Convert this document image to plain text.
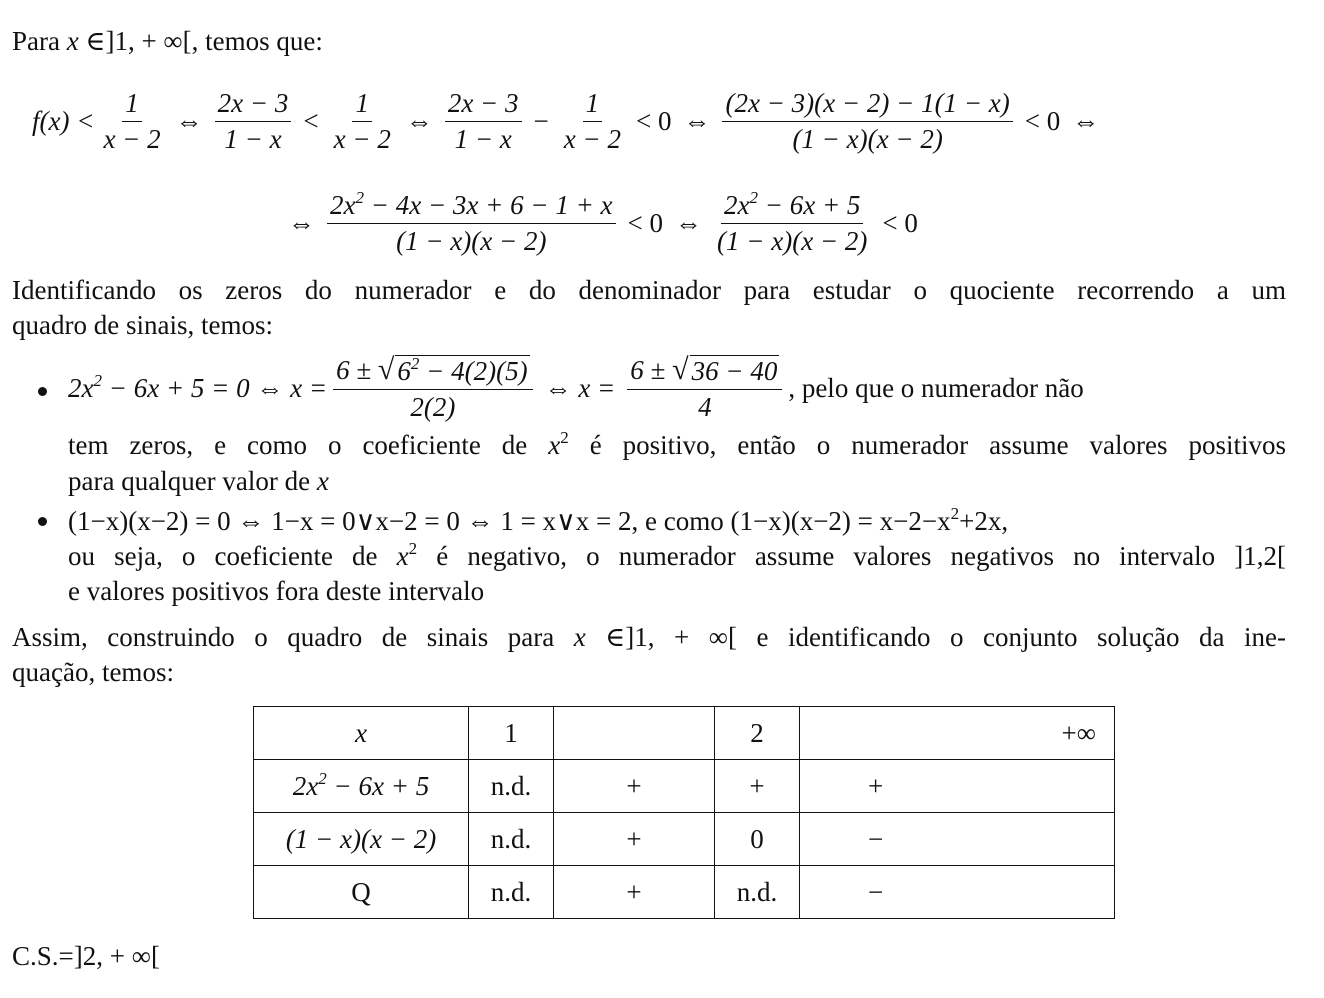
Para x ∈]1, + ∞[, temos que:
$f(x) < \frac{1}{x - 2}$ ⇔ $\frac{2x - 3}{1 - x} < \frac{1}{x - 2}$ ⇔ $\frac{2x - 3}{1 - x} - \frac{1}{x - 2} < 0$ ⇔ $\frac{(2x - 3)(x - 2) - 1(1 - x)}{(1 - x)(x - 2)} < 0$ ⇔
⇔ $\frac{2x^2 - 4x - 3x + 6 - 1 + x}{(1 - x)(x - 2)} < 0$ ⇔ $\frac{2x^2 - 6x + 5}{(1 - x)(x - 2)} < 0$
Identificando os zeros do numerador e do denominador para estudar o quociente recorrendo a um
quadro de sinais, temos:
$2x^2 - 6x + 5 = 0$ ⇔ $x = \frac{6 \pm √ 6^2 - 4(2)(5)}{2(2)}$ ⇔ $x = \frac{6 \pm √ 36 - 40}{4}$ , pelo que o numerador não
tem zeros, e como o coeficiente de $x^2$ é positivo, então o numerador assume valores positivos
para qualquer valor de x
(1−x)(x−2) = 0 ⇔ 1−x = 0∨x−2 = 0 ⇔ 1 = x∨x = 2, e como $(1-x)(x-2) = x-2-x^2+2x$,
ou seja, o coeficiente de $x^2$ é negativo, o numerador assume valores negativos no intervalo ]1,2[
e valores positivos fora deste intervalo
Assim, construindo o quadro de sinais para x ∈]1, + ∞[ e identificando o conjunto solução da ine-
quação, temos:
x	1		2	+∞
$2x^2 - 6x + 5$	n.d.	+	+	+
(1 − x)(x − 2)	n.d.	+	0	−
Q	n.d.	+	n.d.	−
C.S.=]2, + ∞[
